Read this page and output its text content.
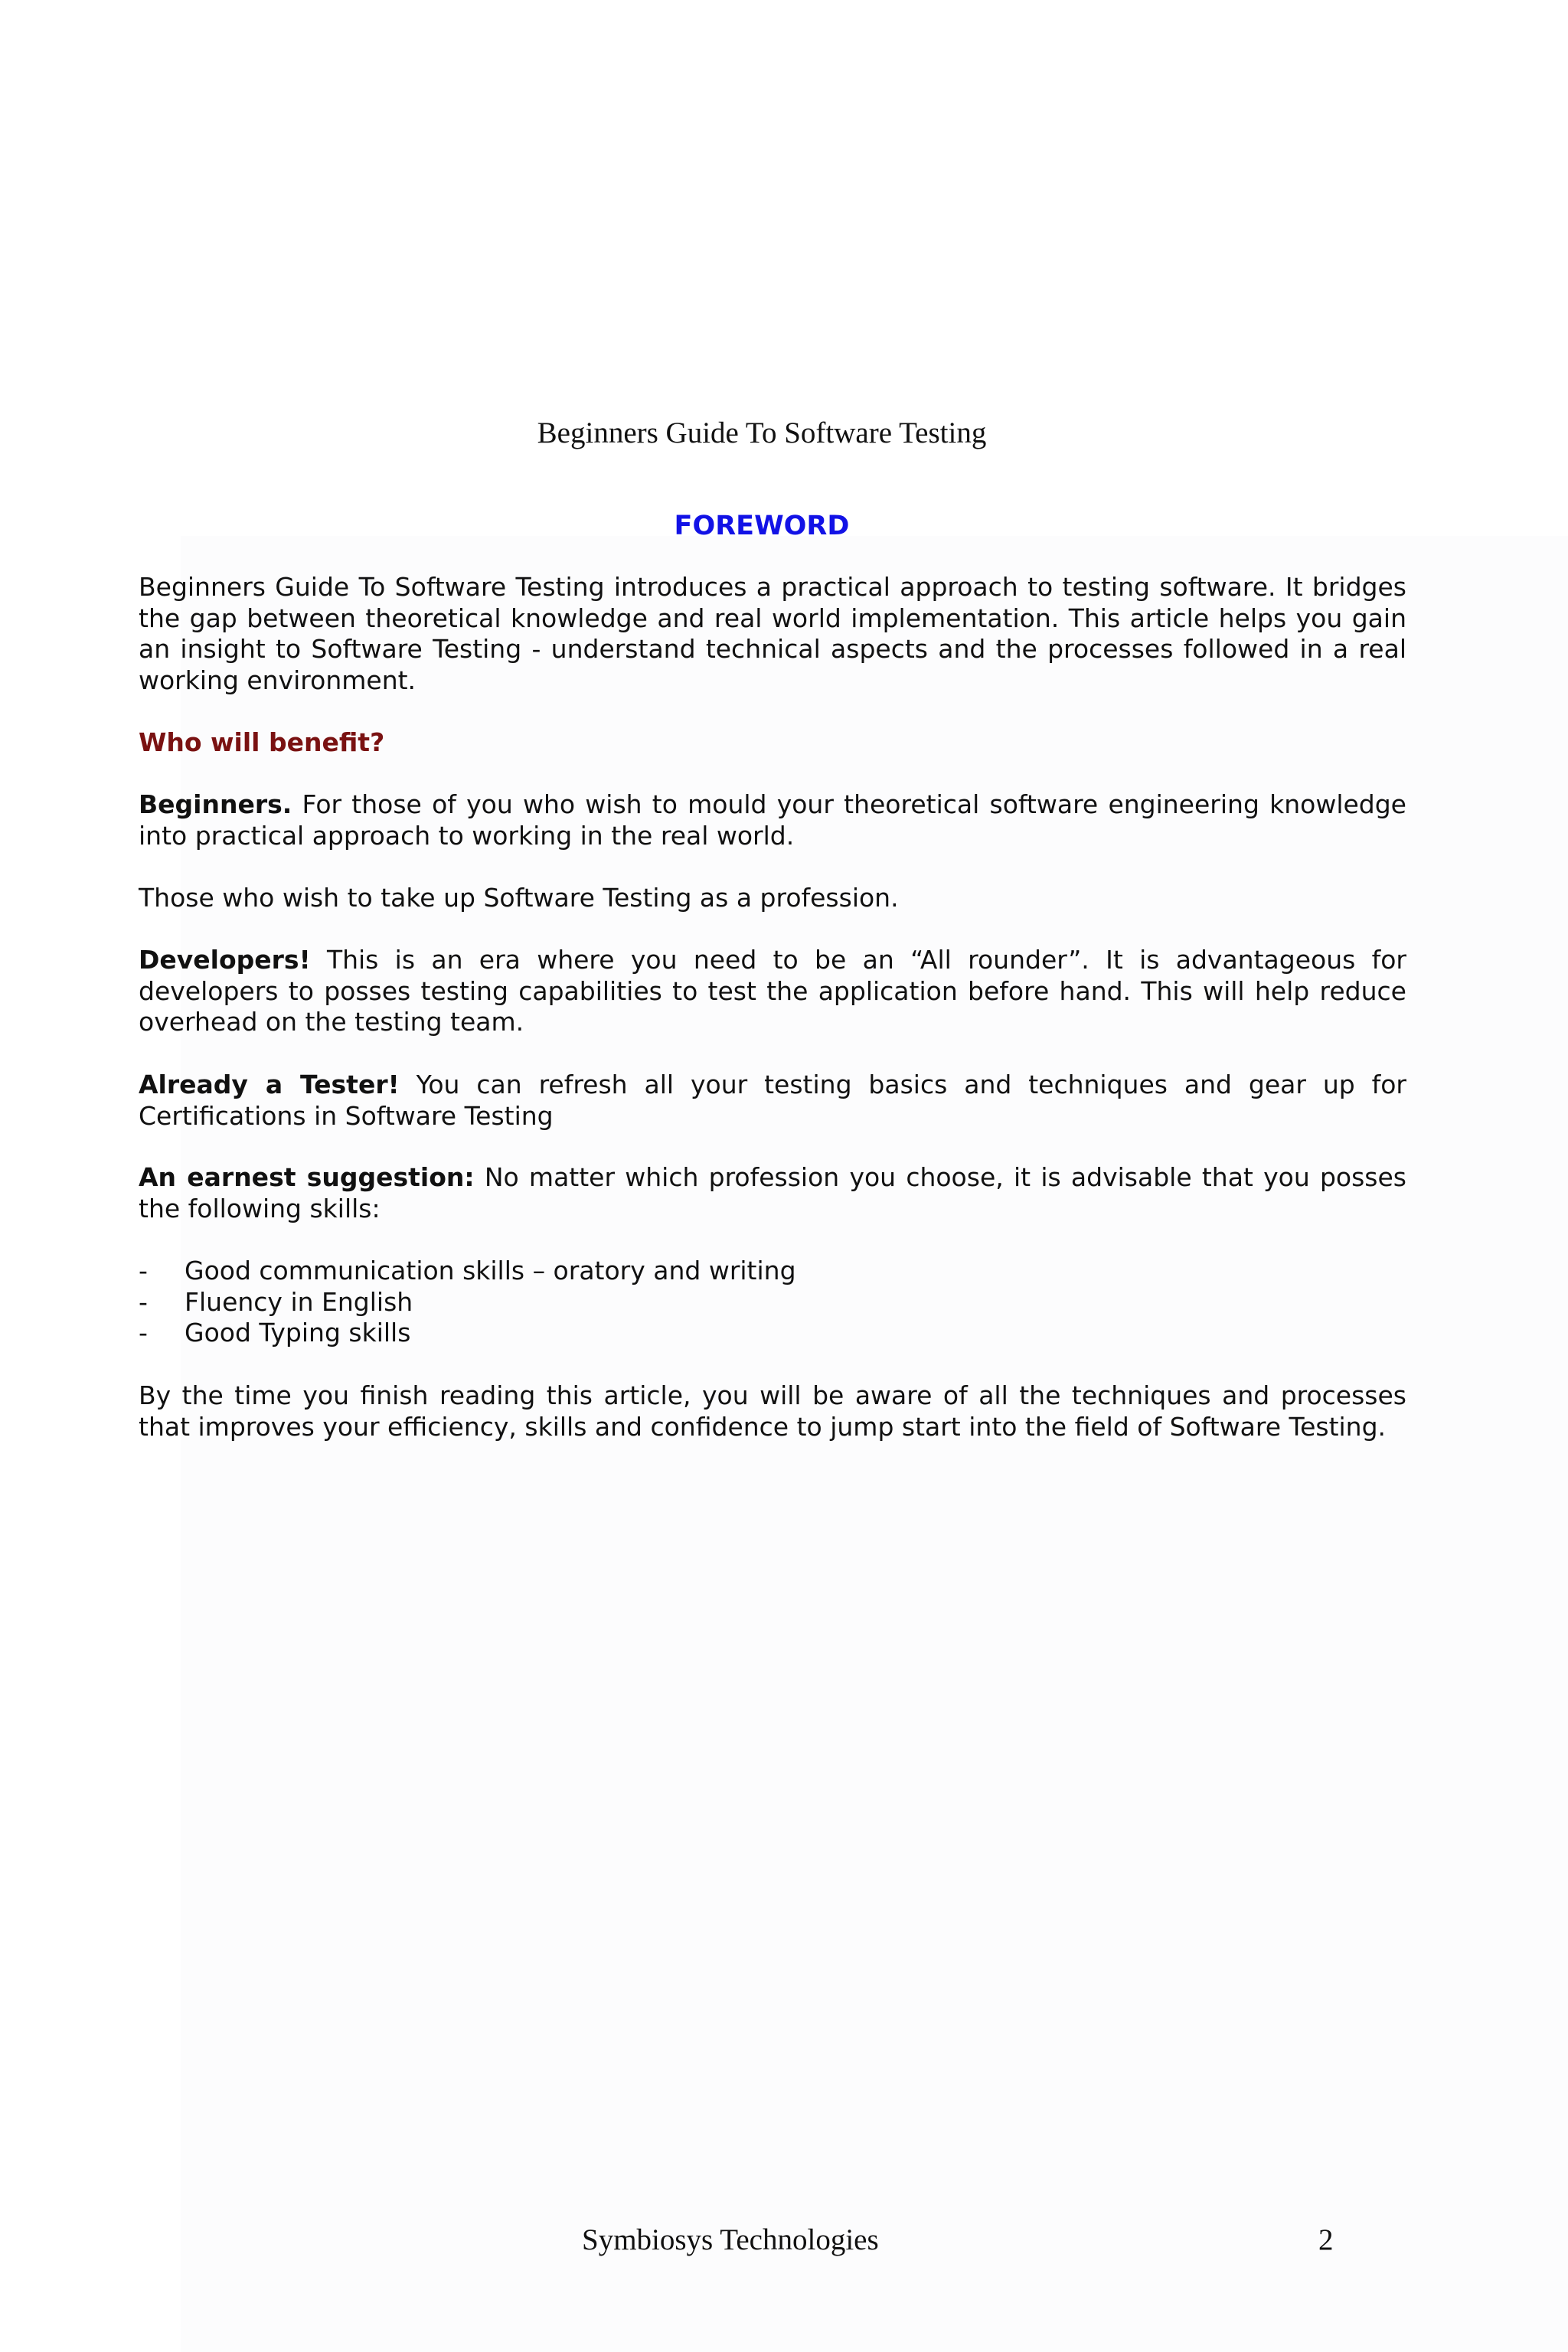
Beginners Guide To Software Testing
FOREWORD

Beginners Guide To Software Testing introduces a practical approach to testing software. It bridges the gap between theoretical knowledge and real world implementation. This article helps you gain an insight to Software Testing - understand technical aspects and the processes followed in a real working environment.

Who will benefit?

Beginners. For those of you who wish to mould your theoretical software engineering knowledge into practical approach to working in the real world.

Those who wish to take up Software Testing as a profession.

Developers! This is an era where you need to be an “All rounder”. It is advantageous for developers to posses testing capabilities to test the application before hand. This will help reduce overhead on the testing team.

Already a Tester! You can refresh all your testing basics and techniques and gear up for Certifications in Software Testing

An earnest suggestion: No matter which profession you choose, it is advisable that you posses the following skills:

- Good communication skills – oratory and writing
- Fluency in English
- Good Typing skills

By the time you finish reading this article, you will be aware of all the techniques and processes that improves your efficiency, skills and confidence to jump start into the field of Software Testing.

Symbiosys Technologies	2
